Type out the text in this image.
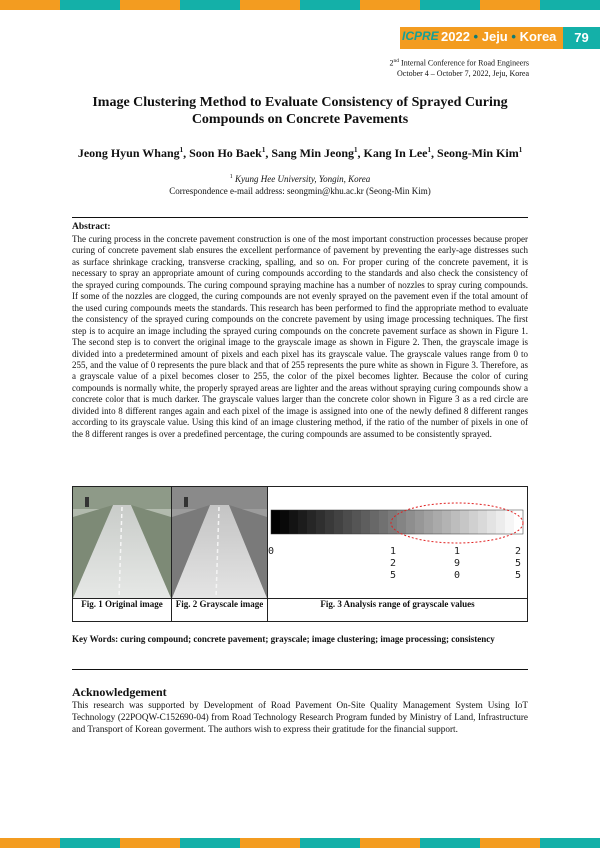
ICPRE 2022 • Jeju • Korea	79
2nd Internal Conference for Road Engineers
October 4 – October 7, 2022, Jeju, Korea
Image Clustering Method to Evaluate Consistency of Sprayed Curing
Compounds on Concrete Pavements
Jeong Hyun Whang$^1$, Soon Ho Baek$^1$, Sang Min Jeong$^1$, Kang In Lee$^1$, Seong-Min Kim$^1$
$^1$ Kyung Hee University, Yongin, Korea
Correspondence e-mail address: seongmin@khu.ac.kr (Seong-Min Kim)
Abstract:
The curing process in the concrete pavement construction is one of the most important construction processes because proper curing of concrete pavement slab ensures the excellent performance of pavement by preventing the early-age distresses such as surface shrinkage cracking, transverse cracking, spalling, and so on. For proper curing of the concrete pavement, it is necessary to spray an appropriate amount of curing compounds according to the standards and also check the consistency of the sprayed curing compounds. The curing compound spraying machine has a number of nozzles to spray curing compounds. If some of the nozzles are clogged, the curing compounds are not evenly sprayed on the pavement even if the total amount of the used curing compounds meets the standards. This research has been performed to find the appropriate method to evaluate the consistency of the sprayed curing compounds on the concrete pavement by using image processing techniques. The first step is to acquire an image including the sprayed curing compounds on the concrete pavement surface as shown in Figure 1. The second step is to convert the original image to the grayscale image as shown in Figure 2. Then, the grayscale image is divided into a predetermined amount of pixels and each pixel has its grayscale value. The grayscale values range from 0 to 255, and the value of 0 represents the pure black and that of 255 represents the pure white as shown in Figure 3. Therefore, as a grayscale value of a pixel becomes closer to 255, the color of the pixel becomes lighter. Because the color of curing compounds is normally white, the properly sprayed areas are lighter and the areas without spraying curing compounds show a concrete color that is much darker. The grayscale values larger than the concrete color shown in Figure 3 as a red circle are divided into 8 different ranges again and each pixel of the image is assigned into one of the newly defined 8 different ranges according to its grayscale value. Using this kind of an image clustering method, if the ratio of the number of pixels in one of the 8 different ranges is over a predefined percentage, the curing compounds are assumed to be consistently sprayed.
Fig. 1 Original image	Fig. 2 Grayscale image
0	1 2 5
1 9 0
2 5 5
Fig. 3 Analysis range of grayscale values
Key Words: curing compound; concrete pavement; grayscale; image clustering; image processing; consistency
Acknowledgement
This research was supported by Development of Road Pavement On-Site Quality Management System Using IoT Technology (22POQW-C152690-04) from Road Technology Research Program funded by Ministry of Land, Infrastructure and Transport of Korean goverment. The authors wish to express their gratitude for the financial support.
